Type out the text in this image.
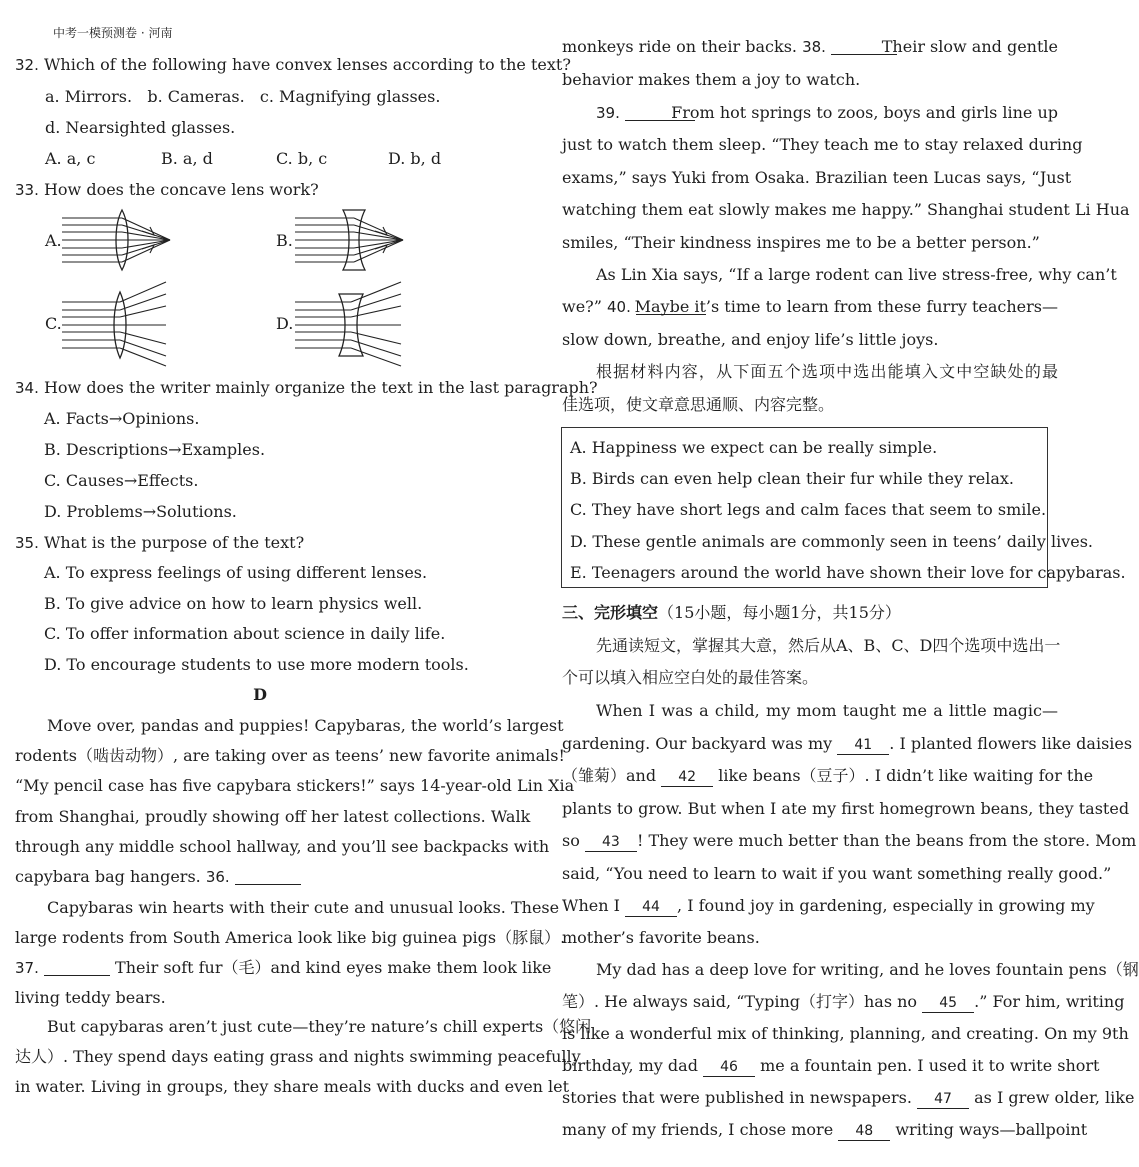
中考一模预测卷 · 河南
32. Which of the following have convex lenses according to the text?
a. Mirrors.   b. Cameras.   c. Magnifying glasses.
d. Nearsighted glasses.
A. a, c	B. a, d	C. b, c	D. b, d
33. How does the concave lens work?
A.	B.
C.	D.
34. How does the writer mainly organize the text in the last paragraph?
A. Facts→Opinions.
B. Descriptions→Examples.
C. Causes→Effects.
D. Problems→Solutions.
35. What is the purpose of the text?
A. To express feelings of using different lenses.
B. To give advice on how to learn physics well.
C. To offer information about science in daily life.
D. To encourage students to use more modern tools.
D
Move over, pandas and puppies! Capybaras, the world’s largest
rodents（啮齿动物）, are taking over as teens’ new favorite animals!
“My pencil case has five capybara stickers!” says 14-year-old Lin Xia
from Shanghai, proudly showing off her latest collections. Walk
through any middle school hallway, and you’ll see backpacks with
capybara bag hangers. 36.
Capybaras win hearts with their cute and unusual looks. These
large rodents from South America look like big guinea pigs（豚鼠）.
37.	Their soft fur（毛）and kind eyes make them look like
living teddy bears.
But capybaras aren’t just cute—they’re nature’s chill experts（悠闲
达人）. They spend days eating grass and nights swimming peacefully
in water. Living in groups, they share meals with ducks and even let
monkeys ride on their backs. 38.	Their slow and gentle
behavior makes them a joy to watch.
39.	From hot springs to zoos, boys and girls line up
just to watch them sleep. “They teach me to stay relaxed during
exams,” says Yuki from Osaka. Brazilian teen Lucas says, “Just
watching them eat slowly makes me happy.” Shanghai student Li Hua
smiles, “Their kindness inspires me to be a better person.”
As Lin Xia says, “If a large rodent can live stress-free, why can’t
we?” 40. Maybe it’s time to learn from these furry teachers—
slow down, breathe, and enjoy life’s little joys.
根据材料内容，从下面五个选项中选出能填入文中空缺处的最
佳选项，使文章意思通顺、内容完整。
A. Happiness we expect can be really simple.
B. Birds can even help clean their fur while they relax.
C. They have short legs and calm faces that seem to smile.
D. These gentle animals are commonly seen in teens’ daily lives.
E. Teenagers around the world have shown their love for capybaras.
三、完形填空（15小题，每小题1分，共15分）
先通读短文，掌握其大意，然后从A、B、C、D四个选项中选出一
个可以填入相应空白处的最佳答案。
When I was a child, my mom taught me a little magic—
gardening. Our backyard was my 41 . I planted flowers like daisies
（雏菊）and 42 like beans（豆子）. I didn’t like waiting for the
plants to grow. But when I ate my first homegrown beans, they tasted
so 43 ! They were much better than the beans from the store. Mom
said, “You need to learn to wait if you want something really good.”
When I 44 , I found joy in gardening, especially in growing my
mother’s favorite beans.
My dad has a deep love for writing, and he loves fountain pens（钢
笔）. He always said, “Typing（打字）has no 45 .” For him, writing
is like a wonderful mix of thinking, planning, and creating. On my 9th
birthday, my dad 46 me a fountain pen. I used it to write short
stories that were published in newspapers. 47 as I grew older, like
many of my friends, I chose more 48 writing ways—ballpoint
